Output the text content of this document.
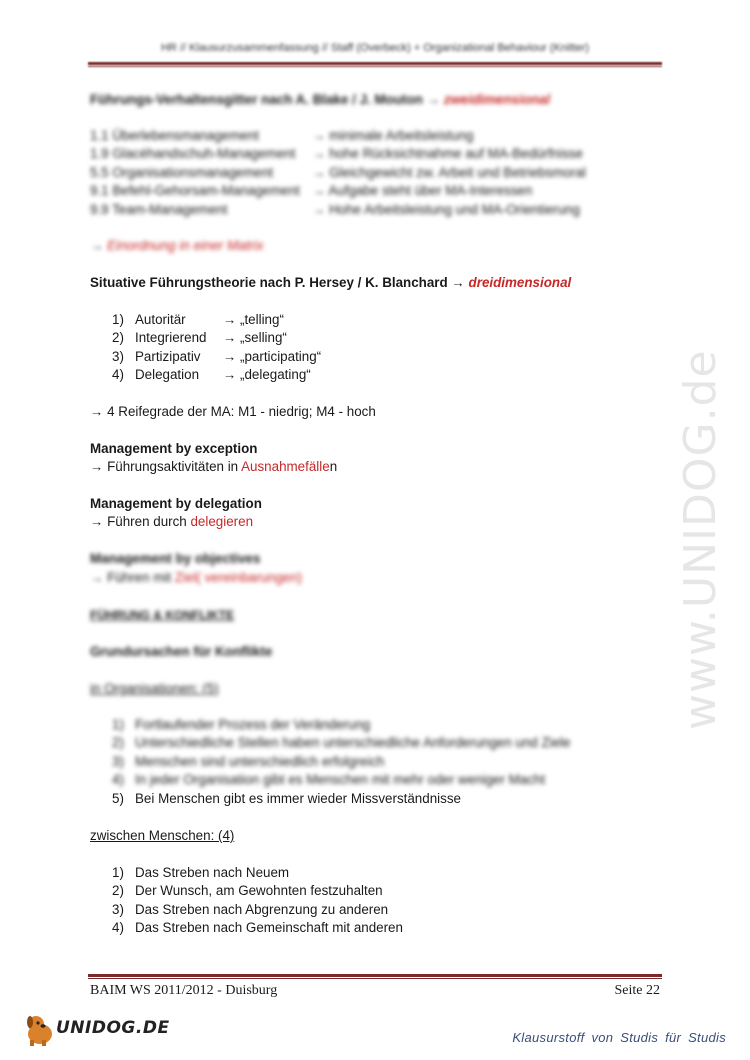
HR // Klausurzusammenfassung // Staff (Overbeck) + Organizational Behaviour (Knitter)
Führungs-Verhaltensgitter nach A. Blake / J. Mouton → zweidimensional
1.1 Überlebensmanagement	→ minimale Arbeitsleistung
1.9 Glacéhandschuh-Management → hohe Rücksichtnahme auf MA-Bedürfnisse
5.5 Organisationsmanagement	→ Gleichgewicht zw. Arbeit und Betriebsmoral
9.1 Befehl-Gehorsam-Management → Aufgabe steht über MA-Interessen
9.9 Team-Management	→ Hohe Arbeitsleistung und MA-Orientierung
→ Einordnung in einer Matrix
Situative Führungstheorie nach P. Hersey / K. Blanchard → dreidimensional
1) Autoritär	→ „telling“
2) Integrierend → „selling“
3) Partizipativ → „participating“
4) Delegation → „delegating“
→ 4 Reifegrade der MA: M1 - niedrig; M4 - hoch
Management by exception
→ Führungsaktivitäten in Ausnahmefällen
Management by delegation
→ Führen durch delegieren
Management by objectives
→ Führen mit Ziel( vereinbarungen)
FÜHRUNG & KONFLIKTE
Grundursachen für Konflikte
in Organisationen: (5)
1) Fortlaufender Prozess der Veränderung
2) Unterschiedliche Stellen haben unterschiedliche Anforderungen und Ziele
3) Menschen sind unterschiedlich erfolgreich
4) In jeder Organisation gibt es Menschen mit mehr oder weniger Macht
5) Bei Menschen gibt es immer wieder Missverständnisse
zwischen Menschen: (4)
1) Das Streben nach Neuem
2) Der Wunsch, am Gewohnten festzuhalten
3) Das Streben nach Abgrenzung zu anderen
4) Das Streben nach Gemeinschaft mit anderen
BAIM WS 2011/2012 - Duisburg	Seite 22
www.UNIDOG.de
UNIDOG.DE	Klausurstoff von Studis für Studis
